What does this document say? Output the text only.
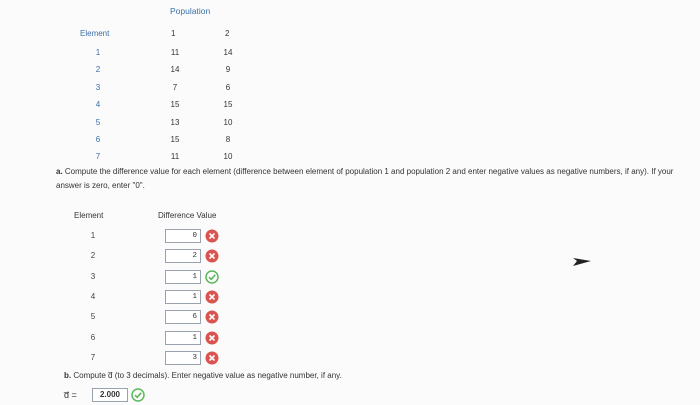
Population
Element	1	2
1	11	14
2	14	9
3	7	6
4	15	15
5	13	10
6	15	8
7	11	10
a. Compute the difference value for each element (difference between element of population 1 and population 2 and enter negative values as negative numbers, if any). If your answer is zero, enter "0".
Element	Difference Value
1	0
2	2
3	1
4	1
5	6
6	1
7	3
b. Compute d̅ (to 3 decimals). Enter negative value as negative number, if any.
d̅ =	2.000
